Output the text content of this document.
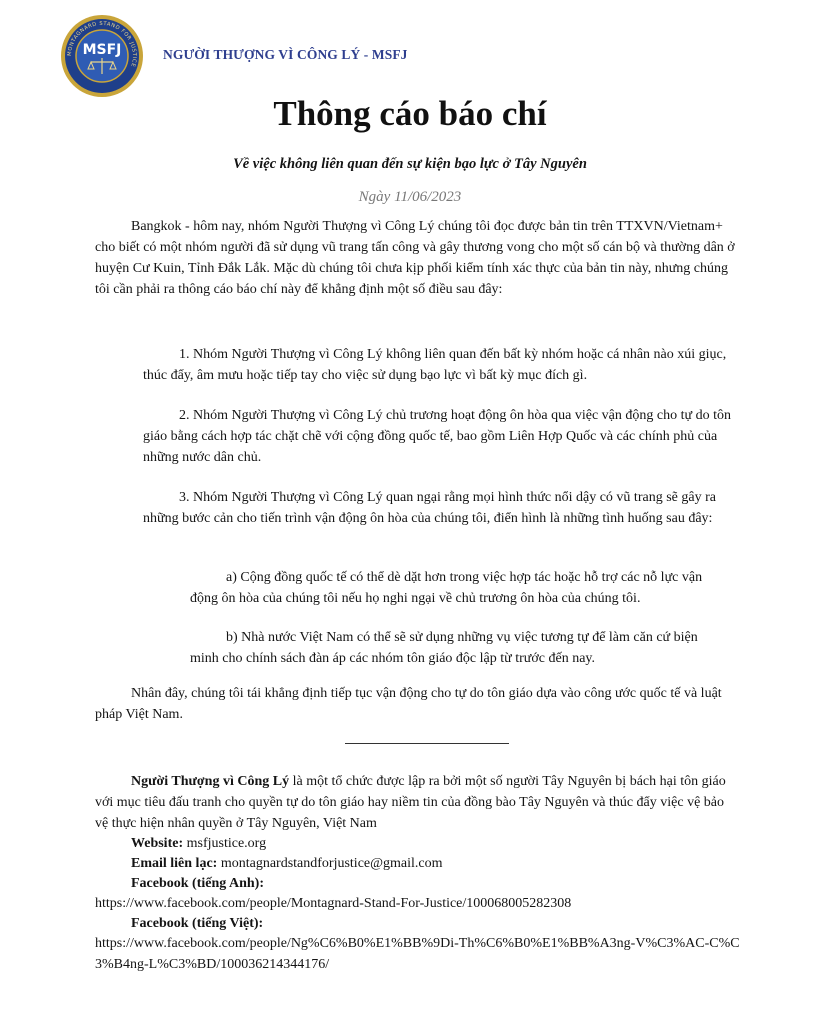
MONTAGNARD STAND FOR JUSTICE
MSFJ	NGƯỜI THƯỢNG VÌ CÔNG LÝ - MSFJ
Thông cáo báo chí
Về việc không liên quan đến sự kiện bạo lực ở Tây Nguyên
Ngày 11/06/2023

Bangkok - hôm nay, nhóm Người Thượng vì Công Lý chúng tôi đọc được bản tin trên TTXVN/Vietnam+ cho biết có một nhóm người đã sử dụng vũ trang tấn công và gây thương vong cho một số cán bộ và thường dân ở huyện Cư Kuin, Tỉnh Đắk Lắk. Mặc dù chúng tôi chưa kịp phối kiểm tính xác thực của bản tin này, nhưng chúng tôi cần phải ra thông cáo báo chí này để khẳng định một số điều sau đây:

1. Nhóm Người Thượng vì Công Lý không liên quan đến bất kỳ nhóm hoặc cá nhân nào xúi giục, thúc đẩy, âm mưu hoặc tiếp tay cho việc sử dụng bạo lực vì bất kỳ mục đích gì.

2. Nhóm Người Thượng vì Công Lý chủ trương hoạt động ôn hòa qua việc vận động cho tự do tôn giáo bằng cách hợp tác chặt chẽ với cộng đồng quốc tế, bao gồm Liên Hợp Quốc và các chính phủ của những nước dân chủ.

3. Nhóm Người Thượng vì Công Lý quan ngại rằng mọi hình thức nổi dậy có vũ trang sẽ gây ra những bước cản cho tiến trình vận động ôn hòa của chúng tôi, điển hình là những tình huống sau đây:

a) Cộng đồng quốc tế có thể dè dặt hơn trong việc hợp tác hoặc hỗ trợ các nỗ lực vận động ôn hòa của chúng tôi nếu họ nghi ngại về chủ trương ôn hòa của chúng tôi.

b) Nhà nước Việt Nam có thể sẽ sử dụng những vụ việc tương tự để làm căn cứ biện minh cho chính sách đàn áp các nhóm tôn giáo độc lập từ trước đến nay.

Nhân đây, chúng tôi tái khẳng định tiếp tục vận động cho tự do tôn giáo dựa vào công ước quốc tế và luật pháp Việt Nam.

Người Thượng vì Công Lý là một tổ chức được lập ra bởi một số người Tây Nguyên bị bách hại tôn giáo với mục tiêu đấu tranh cho quyền tự do tôn giáo hay niềm tin của đồng bào Tây Nguyên và thúc đẩy việc vệ bảo vệ thực hiện nhân quyền ở Tây Nguyên, Việt Nam

Website: msfjustice.org
Email liên lạc: montagnardstandforjustice@gmail.com
Facebook (tiếng Anh):
https://www.facebook.com/people/Montagnard-Stand-For-Justice/100068005282308
Facebook (tiếng Việt):
https://www.facebook.com/people/Ng%C6%B0%E1%BB%9Di-Th%C6%B0%E1%BB%A3ng-V%C3%AC-C%C3%B4ng-L%C3%BD/100036214344176/
